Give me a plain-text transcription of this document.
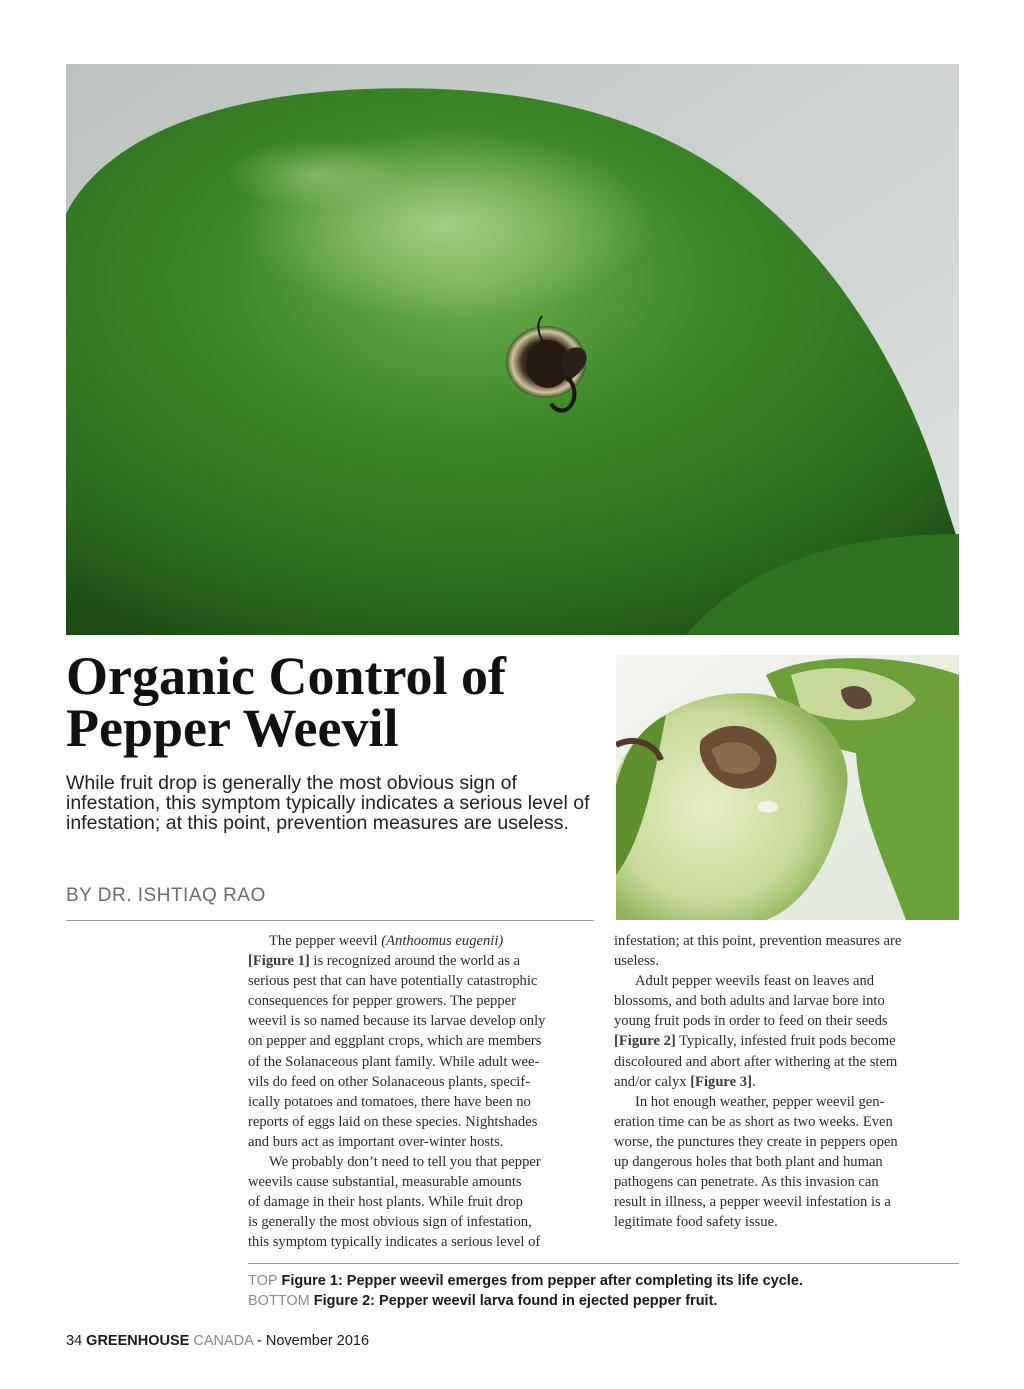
Organic Control of
Pepper Weevil

While fruit drop is generally the most obvious sign of infestation, this symptom typically indicates a serious level of infestation; at this point, prevention measures are useless.

BY DR. ISHTIAQ RAO
The pepper weevil (Anthoomus eugenii)
[Figure 1] is recognized around the world as a
serious pest that can have potentially catastrophic
consequences for pepper growers. The pepper
weevil is so named because its larvae develop only
on pepper and eggplant crops, which are members
of the Solanaceous plant family. While adult wee-
vils do feed on other Solanaceous plants, specif-
ically potatoes and tomatoes, there have been no
reports of eggs laid on these species. Nightshades
and burs act as important over-winter hosts.
We probably don’t need to tell you that pepper
weevils cause substantial, measurable amounts
of damage in their host plants. While fruit drop
is generally the most obvious sign of infestation,
this symptom typically indicates a serious level of
infestation; at this point, prevention measures are
useless.
Adult pepper weevils feast on leaves and
blossoms, and both adults and larvae bore into
young fruit pods in order to feed on their seeds
[Figure 2] Typically, infested fruit pods become
discoloured and abort after withering at the stem
and/or calyx [Figure 3].
In hot enough weather, pepper weevil gen-
eration time can be as short as two weeks. Even
worse, the punctures they create in peppers open
up dangerous holes that both plant and human
pathogens can penetrate. As this invasion can
result in illness, a pepper weevil infestation is a
legitimate food safety issue.
TOP Figure 1: Pepper weevil emerges from pepper after completing its life cycle.
BOTTOM Figure 2: Pepper weevil larva found in ejected pepper fruit.
34 GREENHOUSE CANADA - November 2016
